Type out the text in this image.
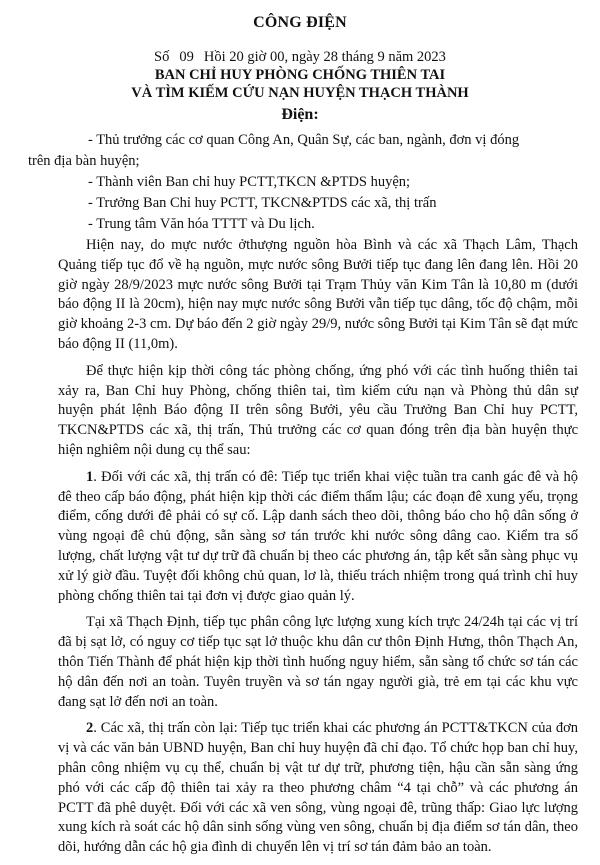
CÔNG ĐIỆN
Số 09 Hồi 20 giờ 00, ngày 28 tháng 9 năm 2023
BAN CHỈ HUY PHÒNG CHỐNG THIÊN TAI
VÀ TÌM KIẾM CỨU NẠN HUYỆN THẠCH THÀNH
Điện:
- Thủ trưởng các cơ quan Công An, Quân Sự, các ban, ngành, đơn vị đóng
trên địa bàn huyện;
- Thành viên Ban chỉ huy PCTT,TKCN &PTDS huyện;
- Trưởng Ban Chỉ huy PCTT, TKCN&PTDS các xã, thị trấn
- Trung tâm Văn hóa TTTT và Du lịch.

Hiện nay, do mực nước ởthượng nguồn hòa Bình và các xã Thạch Lâm, Thạch Quảng tiếp tục đổ về hạ nguồn, mực nước sông Bưởi tiếp tục đang lên đang lên. Hồi 20 giờ ngày 28/9/2023 mực nước sông Bưởi tại Trạm Thủy văn Kim Tân là 10,80 m (dưới báo động II là 20cm), hiện nay mực nước sông Bưởi vẫn tiếp tục dâng, tốc độ chậm, mỗi giờ khoảng 2-3 cm. Dự báo đến 2 giờ ngày 29/9, nước sông Bưởi tại Kim Tân sẽ đạt mức báo động II (11,0m).

Để thực hiện kịp thời công tác phòng chống, ứng phó với các tình huống thiên tai xảy ra, Ban Chỉ huy Phòng, chống thiên tai, tìm kiếm cứu nạn và Phòng thủ dân sự huyện phát lệnh Báo động II trên sông Bưởi, yêu cầu Trưởng Ban Chỉ huy PCTT, TKCN&PTDS các xã, thị trấn, Thủ trưởng các cơ quan đóng trên địa bàn huyện thực hiện nghiêm nội dung cụ thể sau:

1. Đối với các xã, thị trấn có đê: Tiếp tục triển khai việc tuần tra canh gác đê và hộ đê theo cấp báo động, phát hiện kịp thời các điểm thẩm lậu; các đoạn đê xung yếu, trọng điểm, cống dưới đê phải có sự cố. Lập danh sách theo dõi, thông báo cho hộ dân sống ở vùng ngoại đê chủ động, sẵn sàng sơ tán trước khi nước sông dâng cao. Kiểm tra số lượng, chất lượng vật tư dự trữ đã chuẩn bị theo các phương án, tập kết sẵn sàng phục vụ xử lý giờ đầu. Tuyệt đối không chủ quan, lơ là, thiếu trách nhiệm trong quá trình chỉ huy phòng chống thiên tai tại đơn vị được giao quản lý.

Tại xã Thạch Định, tiếp tục phân công lực lượng xung kích trực 24/24h tại các vị trí đã bị sạt lở, có nguy cơ tiếp tục sạt lở thuộc khu dân cư thôn Định Hưng, thôn Thạch An, thôn Tiến Thành để phát hiện kịp thời tình huống nguy hiểm, sẵn sàng tổ chức sơ tán các hộ dân đến nơi an toàn. Tuyên truyền và sơ tán ngay người già, trẻ em tại các khu vực đang sạt lở đến nơi an toàn.

2. Các xã, thị trấn còn lại: Tiếp tục triển khai các phương án PCTT&TKCN của đơn vị và các văn bản UBND huyện, Ban chỉ huy huyện đã chỉ đạo. Tổ chức họp ban chỉ huy, phân công nhiệm vụ cụ thể, chuẩn bị vật tư dự trữ, phương tiện, hậu cần sẵn sàng ứng phó với các cấp độ thiên tai xảy ra theo phương châm “4 tại chỗ” và các phương án PCTT đã phê duyệt. Đối với các xã ven sông, vùng ngoại đê, trũng thấp: Giao lực lượng xung kích rà soát các hộ dân sinh sống vùng ven sông, chuẩn bị địa điểm sơ tán dân, theo dõi, hướng dẫn các hộ gia đình di chuyển lên vị trí sơ tán đảm bảo an toàn.
